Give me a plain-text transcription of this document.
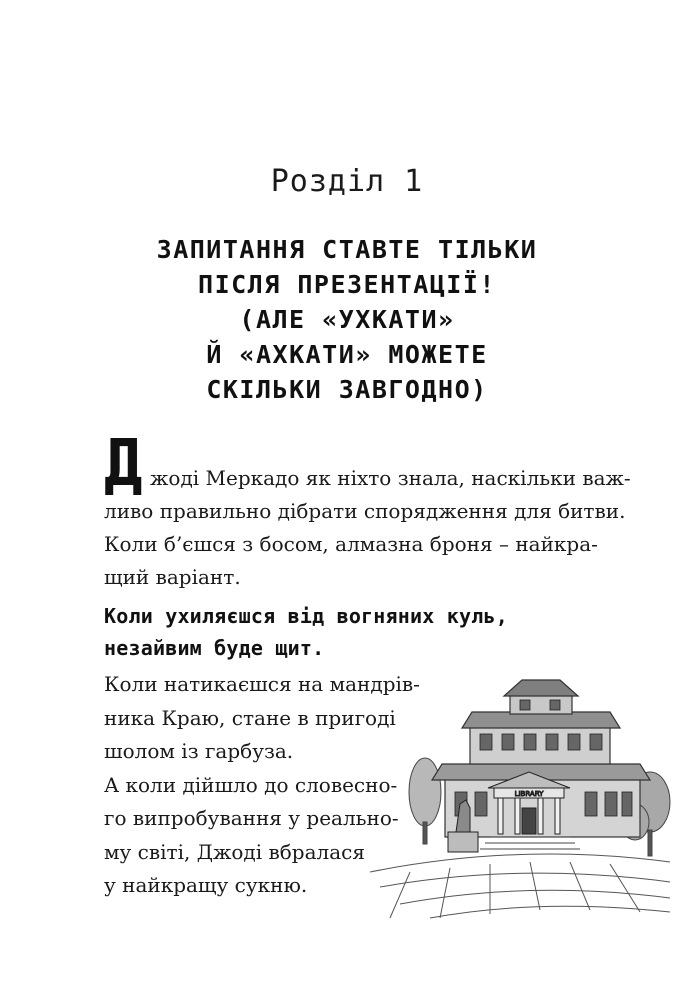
Розділ 1
ЗАПИТАННЯ СТАВТЕ ТІЛЬКИ
ПІСЛЯ ПРЕЗЕНТАЦІЇ!
(АЛЕ «УХКАТИ»
Й «АХКАТИ» МОЖЕТЕ
СКІЛЬКИ ЗАВГОДНО)
Д жоді Меркадо як ніхто знала, наскільки важ-
ливо правильно дібрати спорядження для битви.
Коли б’єшся з босом, алмазна броня – найкра-
щий варіант.
Коли ухиляєшся від вогняних куль,
незайвим буде щит.
Коли натикаєшся на мандрів-
ника Краю, стане в пригоді
шолом із гарбуза.
А коли дійшло до словесно-
го випробування у реально-
му світі, Джоді вбралася
у найкращу сукню.
LIBRARY
